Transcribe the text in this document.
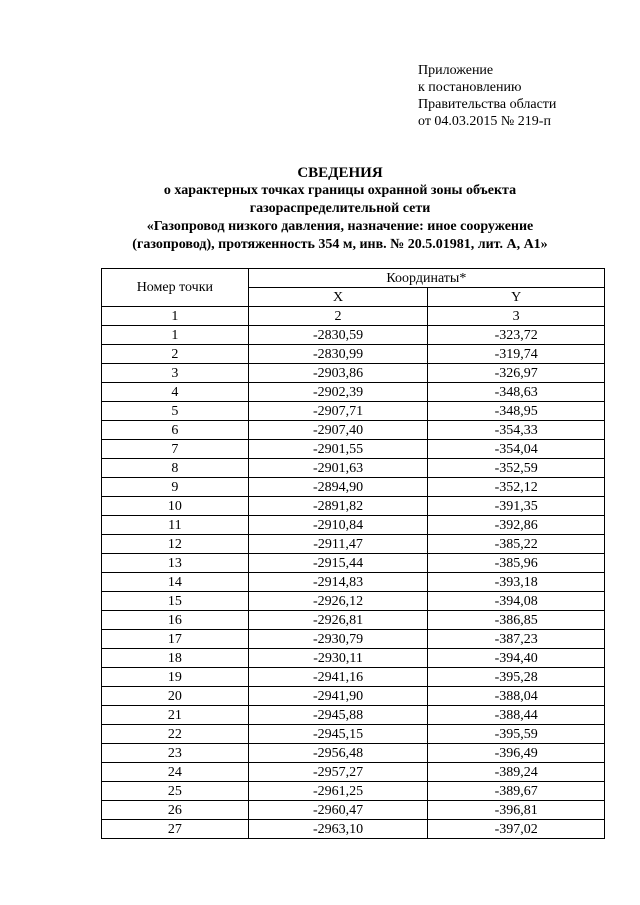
Приложение
к постановлению
Правительства области
от 04.03.2015 № 219-п
СВЕДЕНИЯ
о характерных точках границы охранной зоны объекта
газораспределительной сети
«Газопровод низкого давления, назначение: иное сооружение
(газопровод), протяженность 354 м, инв. № 20.5.01981, лит. А, А1»
Номер точки	Координаты*	
	X	Y
1	2	3
1	-2830,59	-323,72
2	-2830,99	-319,74
3	-2903,86	-326,97
4	-2902,39	-348,63
5	-2907,71	-348,95
6	-2907,40	-354,33
7	-2901,55	-354,04
8	-2901,63	-352,59
9	-2894,90	-352,12
10	-2891,82	-391,35
11	-2910,84	-392,86
12	-2911,47	-385,22
13	-2915,44	-385,96
14	-2914,83	-393,18
15	-2926,12	-394,08
16	-2926,81	-386,85
17	-2930,79	-387,23
18	-2930,11	-394,40
19	-2941,16	-395,28
20	-2941,90	-388,04
21	-2945,88	-388,44
22	-2945,15	-395,59
23	-2956,48	-396,49
24	-2957,27	-389,24
25	-2961,25	-389,67
26	-2960,47	-396,81
27	-2963,10	-397,02
